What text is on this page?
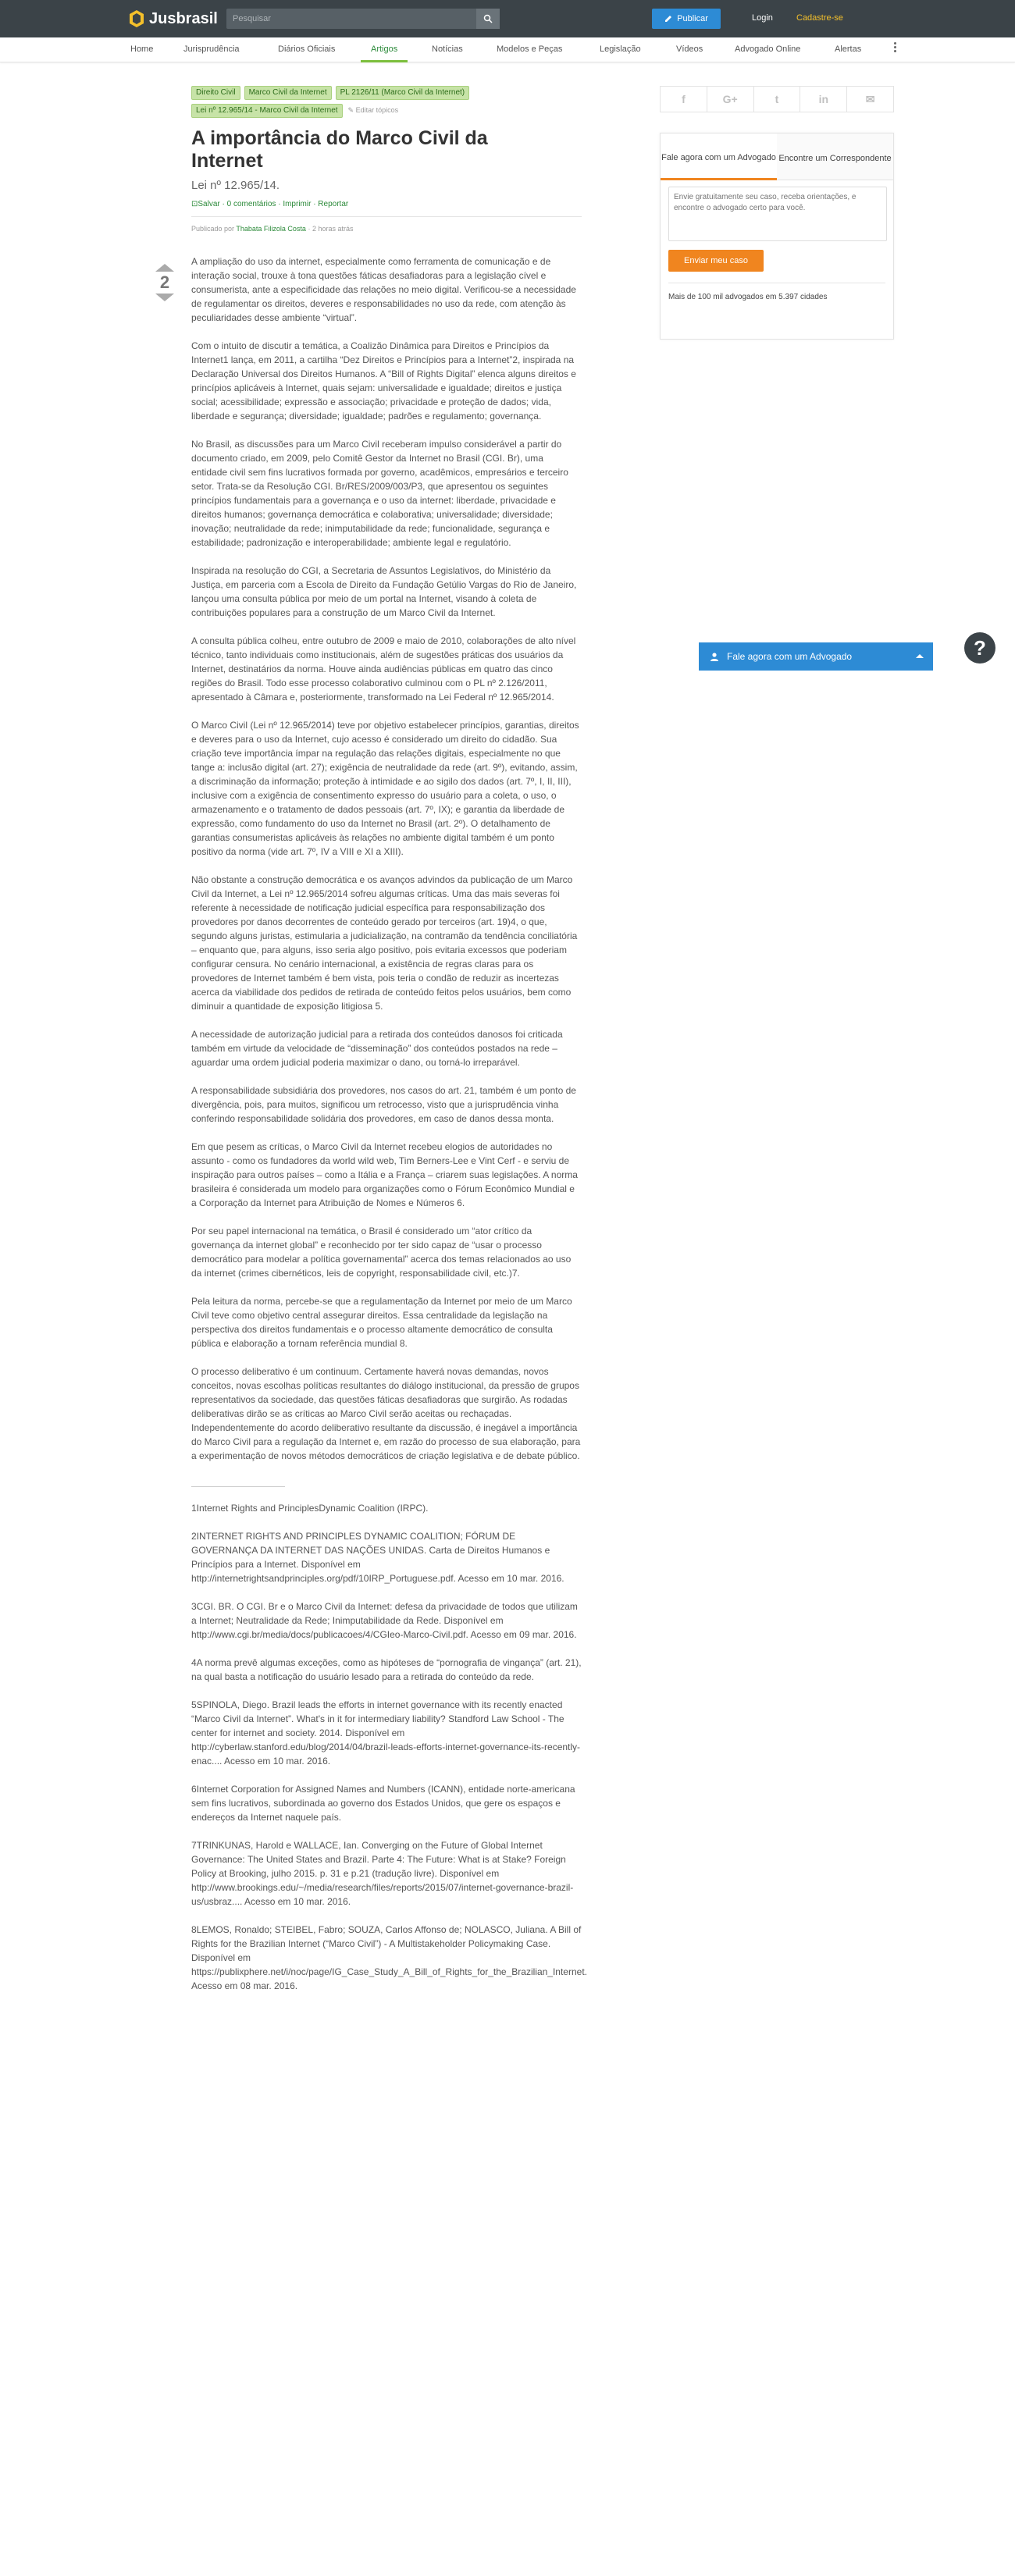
Jusbrasil
Pesquisar	Publicar	Login	Cadastre-se
Home	Jurisprudência	Diários Oficiais	Artigos	Notícias	Modelos e Peças	Legislação	Vídeos	Advogado Online	Alertas
2
Direito Civil	Marco Civil da Internet	PL 2126/11 (Marco Civil da Internet)
Lei nº 12.965/14 - Marco Civil da Internet	✎ Editar tópicos
A importância do Marco Civil da Internet
Lei nº 12.965/14.
⊡Salvar · 0 comentários · Imprimir · Reportar
Publicado por Thabata Filizola Costa · 2 horas atrás

A ampliação do uso da internet, especialmente como ferramenta de comunicação e de interação social, trouxe à tona questões fáticas desafiadoras para a legislação cível e consumerista, ante a especificidade das relações no meio digital. Verificou-se a necessidade de regulamentar os direitos, deveres e responsabilidades no uso da rede, com atenção às peculiaridades desse ambiente “virtual”.

Com o intuito de discutir a temática, a Coalizão Dinâmica para Direitos e Princípios da Internet1 lança, em 2011, a cartilha “Dez Direitos e Princípios para a Internet”2, inspirada na Declaração Universal dos Direitos Humanos. A “Bill of Rights Digital” elenca alguns direitos e princípios aplicáveis à Internet, quais sejam: universalidade e igualdade; direitos e justiça social; acessibilidade; expressão e associação; privacidade e proteção de dados; vida, liberdade e segurança; diversidade; igualdade; padrões e regulamento; governança.

No Brasil, as discussões para um Marco Civil receberam impulso considerável a partir do documento criado, em 2009, pelo Comitê Gestor da Internet no Brasil (CGI. Br), uma entidade civil sem fins lucrativos formada por governo, acadêmicos, empresários e terceiro setor. Trata-se da Resolução CGI. Br/RES/2009/003/P3, que apresentou os seguintes princípios fundamentais para a governança e o uso da internet: liberdade, privacidade e direitos humanos; governança democrática e colaborativa; universalidade; diversidade; inovação; neutralidade da rede; inimputabilidade da rede; funcionalidade, segurança e estabilidade; padronização e interoperabilidade; ambiente legal e regulatório.

Inspirada na resolução do CGI, a Secretaria de Assuntos Legislativos, do Ministério da Justiça, em parceria com a Escola de Direito da Fundação Getúlio Vargas do Rio de Janeiro, lançou uma consulta pública por meio de um portal na Internet, visando à coleta de contribuições populares para a construção de um Marco Civil da Internet.

A consulta pública colheu, entre outubro de 2009 e maio de 2010, colaborações de alto nível técnico, tanto individuais como institucionais, além de sugestões práticas dos usuários da Internet, destinatários da norma. Houve ainda audiências públicas em quatro das cinco regiões do Brasil. Todo esse processo colaborativo culminou com o PL nº 2.126/2011, apresentado à Câmara e, posteriormente, transformado na Lei Federal nº 12.965/2014.

O Marco Civil (Lei nº 12.965/2014) teve por objetivo estabelecer princípios, garantias, direitos e deveres para o uso da Internet, cujo acesso é considerado um direito do cidadão. Sua criação teve importância ímpar na regulação das relações digitais, especialmente no que tange a: inclusão digital (art. 27); exigência de neutralidade da rede (art. 9º), evitando, assim, a discriminação da informação; proteção à intimidade e ao sigilo dos dados (art. 7º, I, II, III), inclusive com a exigência de consentimento expresso do usuário para a coleta, o uso, o armazenamento e o tratamento de dados pessoais (art. 7º, IX); e garantia da liberdade de expressão, como fundamento do uso da Internet no Brasil (art. 2º). O detalhamento de garantias consumeristas aplicáveis às relações no ambiente digital também é um ponto positivo da norma (vide art. 7º, IV a VIII e XI a XIII).

Não obstante a construção democrática e os avanços advindos da publicação de um Marco Civil da Internet, a Lei nº 12.965/2014 sofreu algumas críticas. Uma das mais severas foi referente à necessidade de notificação judicial específica para responsabilização dos provedores por danos decorrentes de conteúdo gerado por terceiros (art. 19)4, o que, segundo alguns juristas, estimularia a judicialização, na contramão da tendência conciliatória – enquanto que, para alguns, isso seria algo positivo, pois evitaria excessos que poderiam configurar censura. No cenário internacional, a existência de regras claras para os provedores de Internet também é bem vista, pois teria o condão de reduzir as incertezas acerca da viabilidade dos pedidos de retirada de conteúdo feitos pelos usuários, bem como diminuir a quantidade de exposição litigiosa 5.

A necessidade de autorização judicial para a retirada dos conteúdos danosos foi criticada também em virtude da velocidade de “disseminação” dos conteúdos postados na rede – aguardar uma ordem judicial poderia maximizar o dano, ou torná-lo irreparável.

A responsabilidade subsidiária dos provedores, nos casos do art. 21, também é um ponto de divergência, pois, para muitos, significou um retrocesso, visto que a jurisprudência vinha conferindo responsabilidade solidária dos provedores, em caso de danos dessa monta.

Em que pesem as críticas, o Marco Civil da Internet recebeu elogios de autoridades no assunto - como os fundadores da world wild web, Tim Berners-Lee e Vint Cerf - e serviu de inspiração para outros países – como a Itália e a França – criarem suas legislações. A norma brasileira é considerada um modelo para organizações como o Fórum Econômico Mundial e a Corporação da Internet para Atribuição de Nomes e Números 6.

Por seu papel internacional na temática, o Brasil é considerado um “ator crítico da governança da internet global” e reconhecido por ter sido capaz de “usar o processo democrático para modelar a política governamental” acerca dos temas relacionados ao uso da internet (crimes cibernéticos, leis de copyright, responsabilidade civil, etc.)7.

Pela leitura da norma, percebe-se que a regulamentação da Internet por meio de um Marco Civil teve como objetivo central assegurar direitos. Essa centralidade da legislação na perspectiva dos direitos fundamentais e o processo altamente democrático de consulta pública e elaboração a tornam referência mundial 8.

O processo deliberativo é um continuum. Certamente haverá novas demandas, novos conceitos, novas escolhas políticas resultantes do diálogo institucional, da pressão de grupos representativos da sociedade, das questões fáticas desafiadoras que surgirão. As rodadas deliberativas dirão se as críticas ao Marco Civil serão aceitas ou rechaçadas. Independentemente do acordo deliberativo resultante da discussão, é inegável a importância do Marco Civil para a regulação da Internet e, em razão do processo de sua elaboração, para a experimentação de novos métodos democráticos de criação legislativa e de debate público.

1Internet Rights and PrinciplesDynamic Coalition (IRPC).
2INTERNET RIGHTS AND PRINCIPLES DYNAMIC COALITION; FÓRUM DE GOVERNANÇA DA INTERNET DAS NAÇÕES UNIDAS. Carta de Direitos Humanos e Princípios para a Internet. Disponível em http://internetrightsandprinciples.org/pdf/10IRP_Portuguese.pdf. Acesso em 10 mar. 2016.
3CGI. BR. O CGI. Br e o Marco Civil da Internet: defesa da privacidade de todos que utilizam a Internet; Neutralidade da Rede; Inimputabilidade da Rede. Disponível em http://www.cgi.br/media/docs/publicacoes/4/CGIeo-Marco-Civil.pdf. Acesso em 09 mar. 2016.
4A norma prevê algumas exceções, como as hipóteses de “pornografia de vingança” (art. 21), na qual basta a notificação do usuário lesado para a retirada do conteúdo da rede.
5SPINOLA, Diego. Brazil leads the efforts in internet governance with its recently enacted “Marco Civil da Internet”. What's in it for intermediary liability? Standford Law School - The center for internet and society. 2014. Disponível em http://cyberlaw.stanford.edu/blog/2014/04/brazil-leads-efforts-internet-governance-its-recently-enac.... Acesso em 10 mar. 2016.
6Internet Corporation for Assigned Names and Numbers (ICANN), entidade norte-americana sem fins lucrativos, subordinada ao governo dos Estados Unidos, que gere os espaços e endereços da Internet naquele país.
7TRINKUNAS, Harold e WALLACE, Ian. Converging on the Future of Global Internet Governance: The United States and Brazil. Parte 4: The Future: What is at Stake? Foreign Policy at Brooking, julho 2015. p. 31 e p.21 (tradução livre). Disponível em http://www.brookings.edu/~/media/research/files/reports/2015/07/internet-governance-brazil-us/usbraz.... Acesso em 10 mar. 2016.
8LEMOS, Ronaldo; STEIBEL, Fabro; SOUZA, Carlos Affonso de; NOLASCO, Juliana. A Bill of Rights for the Brazilian Internet (“Marco Civil”) - A Multistakeholder Policymaking Case. Disponível em https://publixphere.net/i/noc/page/IG_Case_Study_A_Bill_of_Rights_for_the_Brazilian_Internet. Acesso em 08 mar. 2016.
f	G+	t	in	✉
Fale agora com um Advogado Encontre um Correspondente
Envie gratuitamente seu caso, receba orientações, e encontre o advogado certo para você.
Enviar meu caso
Mais de 100 mil advogados em 5.397 cidades
Fale agora com um Advogado	?
